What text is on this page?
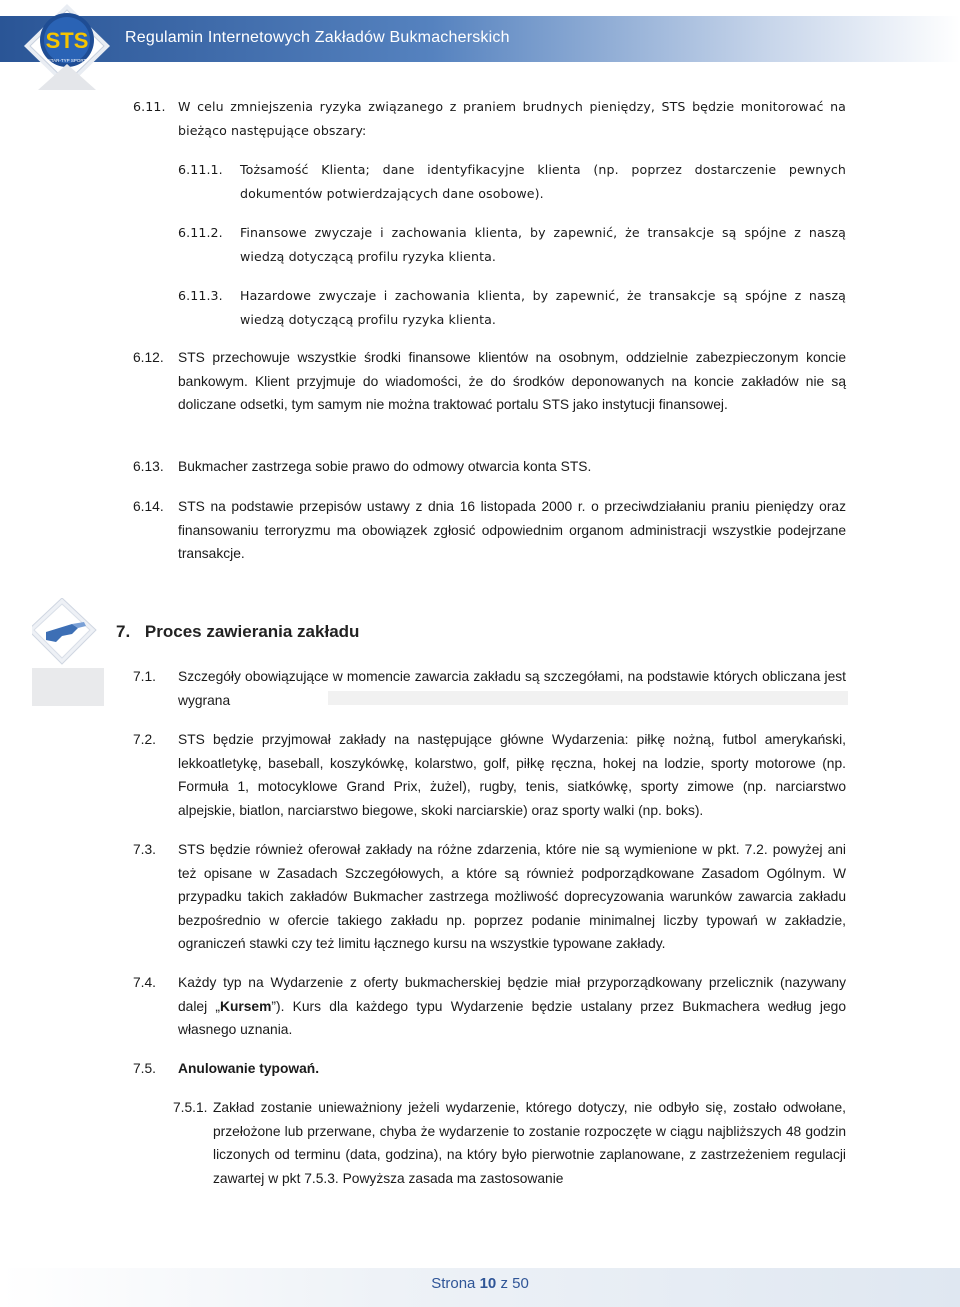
STS
STAR-TYP SPORT
Regulamin Internetowych Zakładów Bukmacherskich
6.11. W celu zmniejszenia ryzyka związanego z praniem brudnych pieniędzy, STS będzie monitorować na bieżąco następujące obszary:

6.11.1. Tożsamość Klienta; dane identyfikacyjne klienta (np. poprzez dostarczenie pewnych dokumentów potwierdzających dane osobowe).

6.11.2. Finansowe zwyczaje i zachowania klienta, by zapewnić, że transakcje są spójne z naszą wiedzą dotyczącą profilu ryzyka klienta.

6.11.3. Hazardowe zwyczaje i zachowania klienta, by zapewnić, że transakcje są spójne z naszą wiedzą dotyczącą profilu ryzyka klienta.

6.12. STS przechowuje wszystkie środki finansowe klientów na osobnym, oddzielnie zabezpieczonym koncie bankowym. Klient przyjmuje do wiadomości, że do środków deponowanych na koncie zakładów nie są doliczane odsetki, tym samym nie można traktować portalu STS jako instytucji finansowej.

6.13. Bukmacher zastrzega sobie prawo do odmowy otwarcia konta STS.

6.14. STS na podstawie przepisów ustawy z dnia 16 listopada 2000 r. o przeciwdziałaniu praniu pieniędzy oraz finansowaniu terroryzmu ma obowiązek zgłosić odpowiednim organom administracji wszystkie podejrzane transakcje.

7. Proces zawierania zakładu
7.1. Szczegóły obowiązujące w momencie zawarcia zakładu są szczegółami, na podstawie których obliczana jest wygrana

7.2. STS będzie przyjmował zakłady na następujące główne Wydarzenia: piłkę nożną, futbol amerykański, lekkoatletykę, baseball, koszykówkę, kolarstwo, golf, piłkę ręczna, hokej na lodzie, sporty motorowe (np. Formuła 1, motocyklowe Grand Prix, żużel), rugby, tenis, siatkówkę, sporty zimowe (np. narciarstwo alpejskie, biatlon, narciarstwo biegowe, skoki narciarskie) oraz sporty walki (np. boks).

7.3. STS będzie również oferował zakłady na różne zdarzenia, które nie są wymienione w pkt. 7.2. powyżej ani też opisane w Zasadach Szczegółowych, a które są również podporządkowane Zasadom Ogólnym. W przypadku takich zakładów Bukmacher zastrzega możliwość doprecyzowania warunków zawarcia zakładu bezpośrednio w ofercie takiego zakładu np. poprzez podanie minimalnej liczby typowań w zakładzie, ograniczeń stawki czy też limitu łącznego kursu na wszystkie typowane zakłady.

7.4. Każdy typ na Wydarzenie z oferty bukmacherskiej będzie miał przyporządkowany przelicznik (nazywany dalej „Kursem”). Kurs dla każdego typu Wydarzenie będzie ustalany przez Bukmachera według jego własnego uznania.

7.5. Anulowanie typowań.

7.5.1. Zakład zostanie unieważniony jeżeli wydarzenie, którego dotyczy, nie odbyło się, zostało odwołane, przełożone lub przerwane, chyba że wydarzenie to zostanie rozpoczęte w ciągu najbliższych 48 godzin liczonych od terminu (data, godzina), na który było pierwotnie zaplanowane, z zastrzeżeniem regulacji zawartej w pkt 7.5.3. Powyższa zasada ma zastosowanie

Strona 10 z 50
